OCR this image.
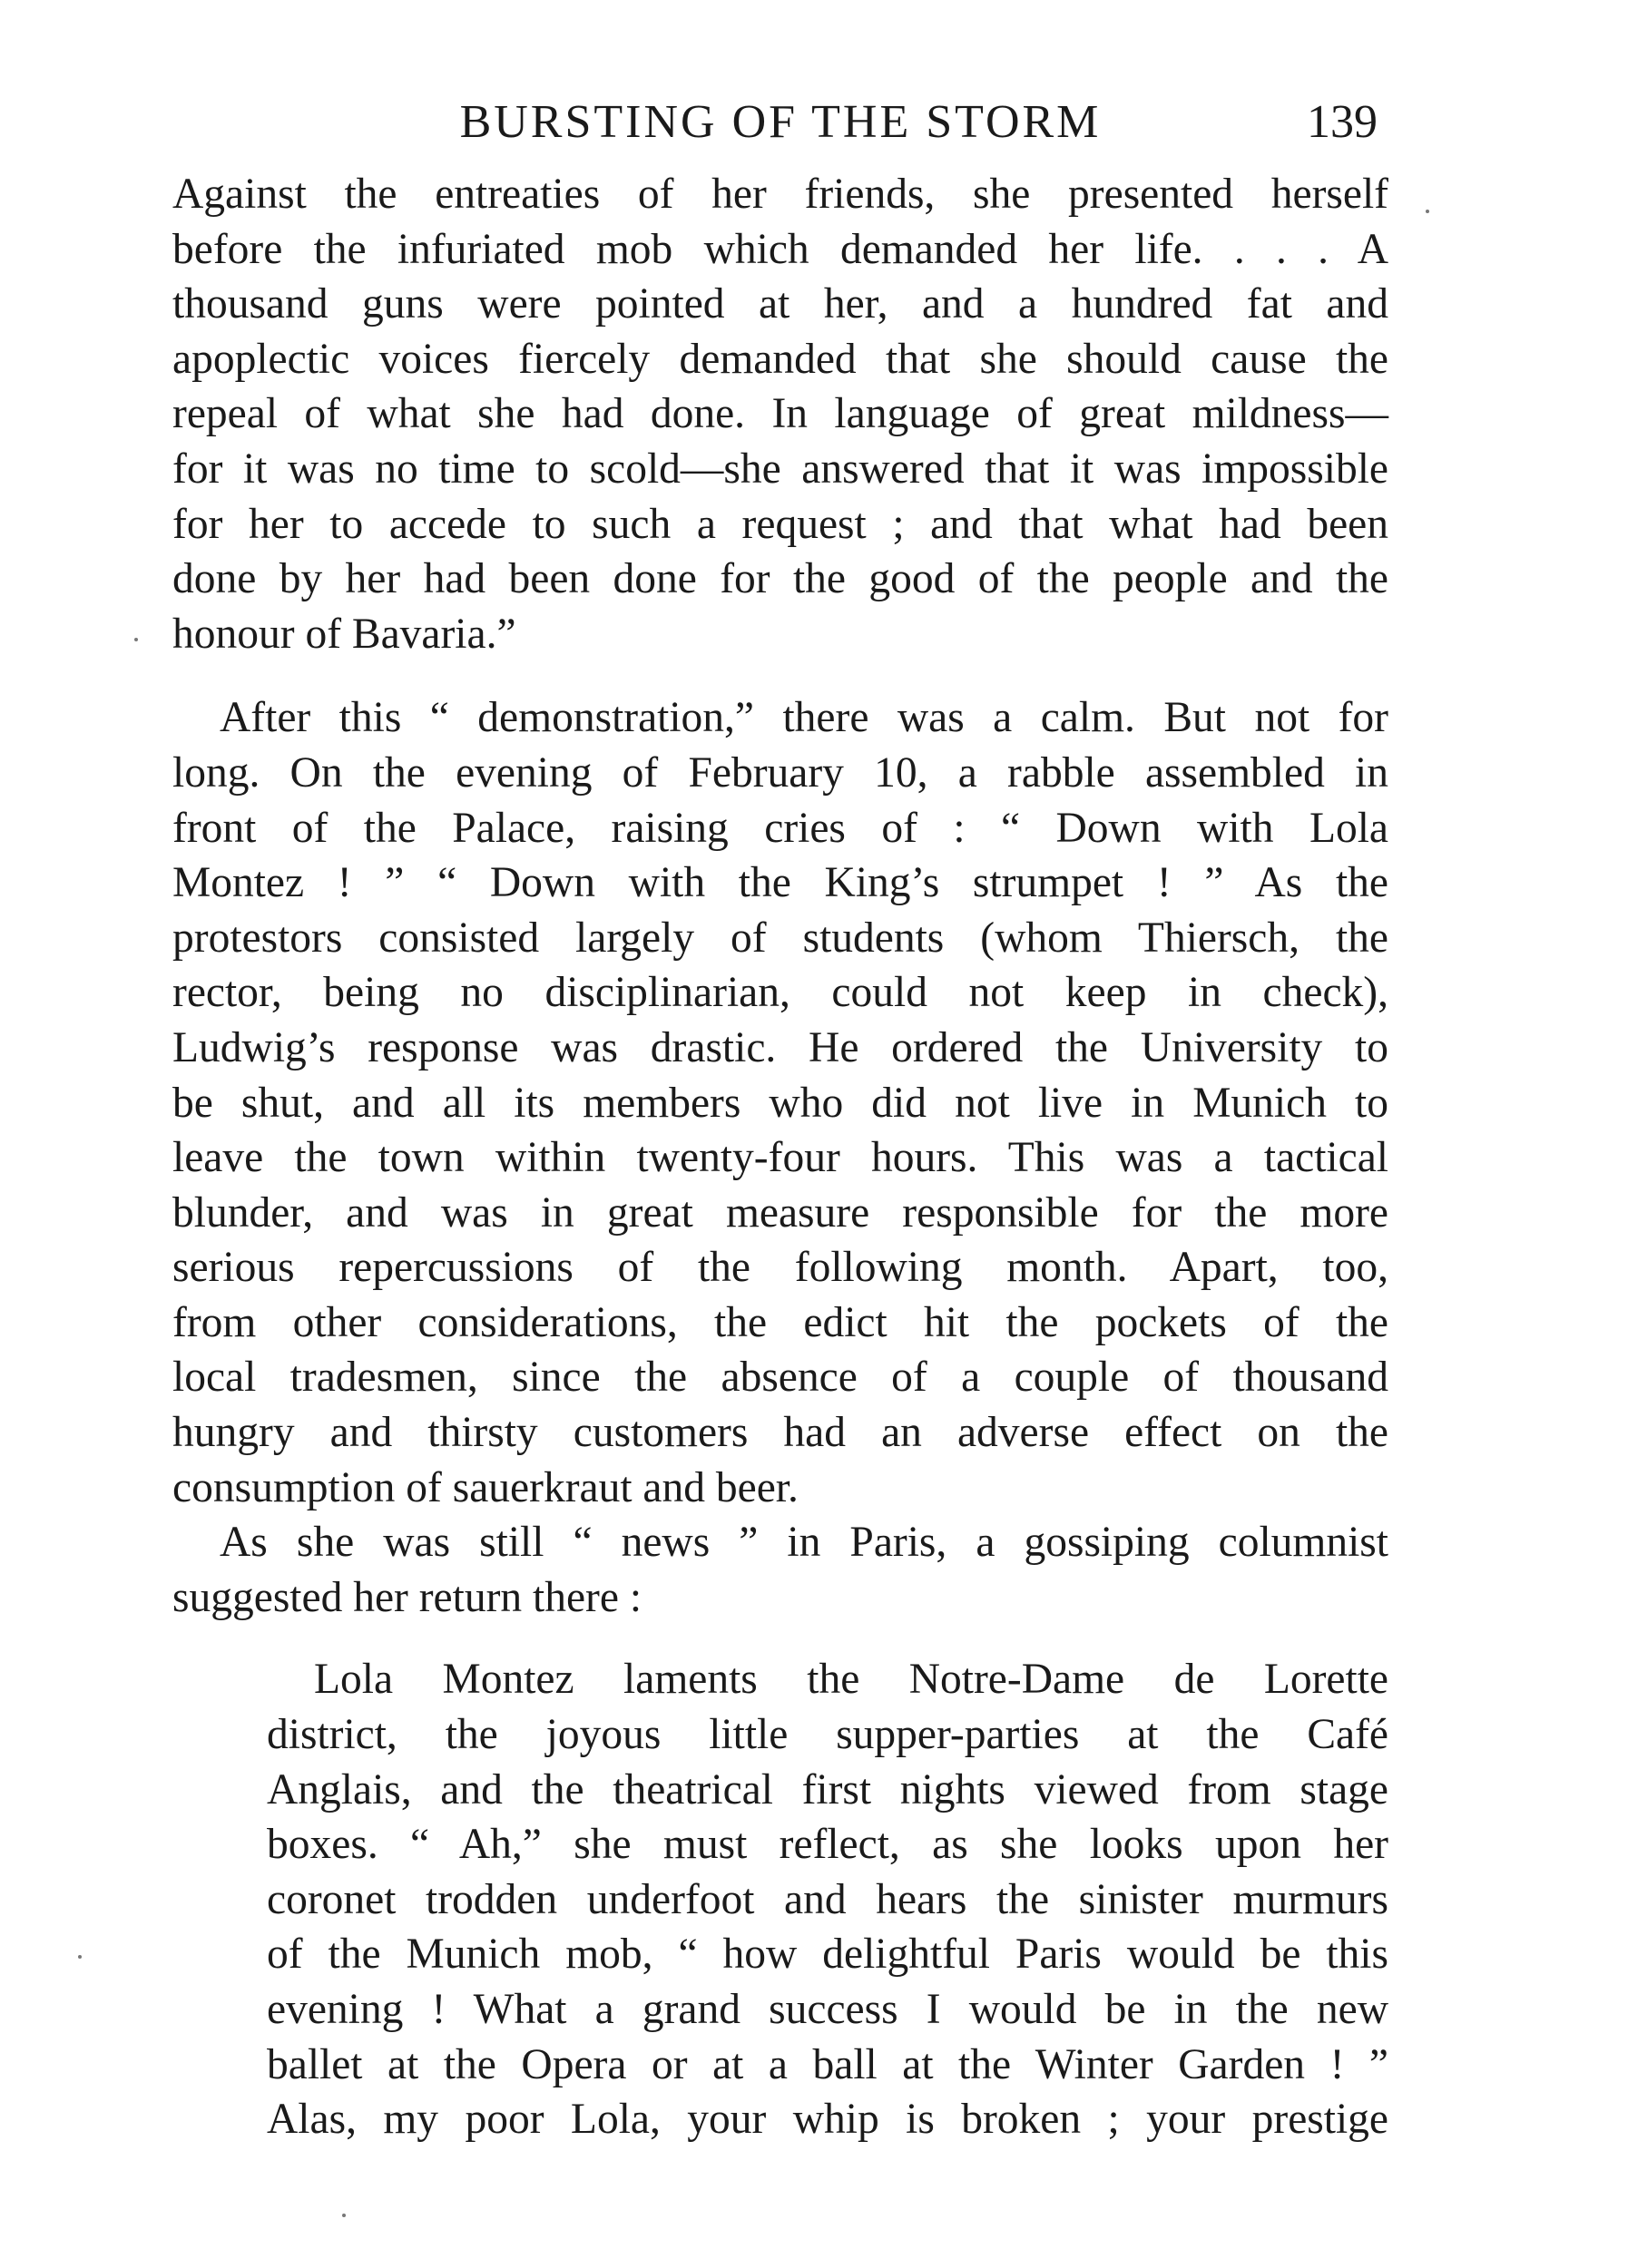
BURSTING OF THE STORM	139
Against the entreaties of her friends, she presented herself
before the infuriated mob which demanded her life. . . . A
thousand guns were pointed at her, and a hundred fat and
apoplectic voices fiercely demanded that she should cause the
repeal of what she had done. In language of great mildness—
for it was no time to scold—she answered that it was impossible
for her to accede to such a request ; and that what had been
done by her had been done for the good of the people and the
honour of Bavaria.”
After this “ demonstration,” there was a calm. But not for
long. On the evening of February 10, a rabble assembled in
front of the Palace, raising cries of : “ Down with Lola
Montez ! ” “ Down with the King’s strumpet ! ” As the
protestors consisted largely of students (whom Thiersch, the
rector, being no disciplinarian, could not keep in check),
Ludwig’s response was drastic. He ordered the University to
be shut, and all its members who did not live in Munich to
leave the town within twenty-four hours. This was a tactical
blunder, and was in great measure responsible for the more
serious repercussions of the following month. Apart, too,
from other considerations, the edict hit the pockets of the
local tradesmen, since the absence of a couple of thousand
hungry and thirsty customers had an adverse effect on the
consumption of sauerkraut and beer.
As she was still “ news ” in Paris, a gossiping columnist
suggested her return there :
Lola Montez laments the Notre-Dame de Lorette
district, the joyous little supper-parties at the Café
Anglais, and the theatrical first nights viewed from stage
boxes. “ Ah,” she must reflect, as she looks upon her
coronet trodden underfoot and hears the sinister murmurs
of the Munich mob, “ how delightful Paris would be this
evening ! What a grand success I would be in the new
ballet at the Opera or at a ball at the Winter Garden ! ”
Alas, my poor Lola, your whip is broken ; your prestige
